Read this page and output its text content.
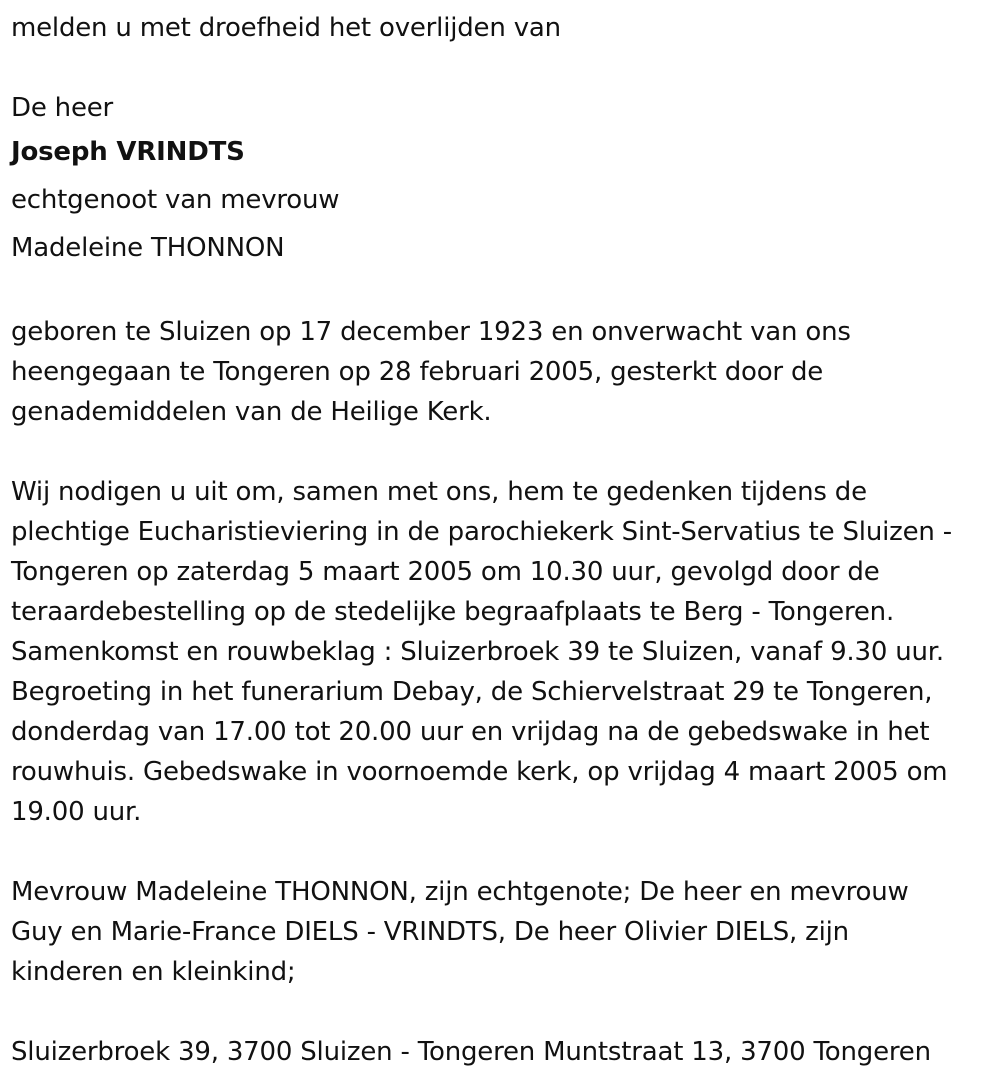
melden u met droefheid het overlijden van

De heer

Joseph VRINDTS

echtgenoot van mevrouw

Madeleine THONNON

geboren te Sluizen op 17 december 1923 en onverwacht van ons

heengegaan te Tongeren op 28 februari 2005, gesterkt door de

genademiddelen van de Heilige Kerk.

Wij nodigen u uit om, samen met ons, hem te gedenken tijdens de

plechtige Eucharistieviering in de parochiekerk Sint-Servatius te Sluizen -

Tongeren op zaterdag 5 maart 2005 om 10.30 uur, gevolgd door de

teraardebestelling op de stedelijke begraafplaats te Berg - Tongeren.

Samenkomst en rouwbeklag : Sluizerbroek 39 te Sluizen, vanaf 9.30 uur.

Begroeting in het funerarium Debay, de Schiervelstraat 29 te Tongeren,

donderdag van 17.00 tot 20.00 uur en vrijdag na de gebedswake in het

rouwhuis. Gebedswake in voornoemde kerk, op vrijdag 4 maart 2005 om

19.00 uur.

Mevrouw Madeleine THONNON, zijn echtgenote; De heer en mevrouw

Guy en Marie-France DIELS - VRINDTS, De heer Olivier DIELS, zijn

kinderen en kleinkind;

Sluizerbroek 39, 3700 Sluizen - Tongeren Muntstraat 13, 3700 Tongeren
